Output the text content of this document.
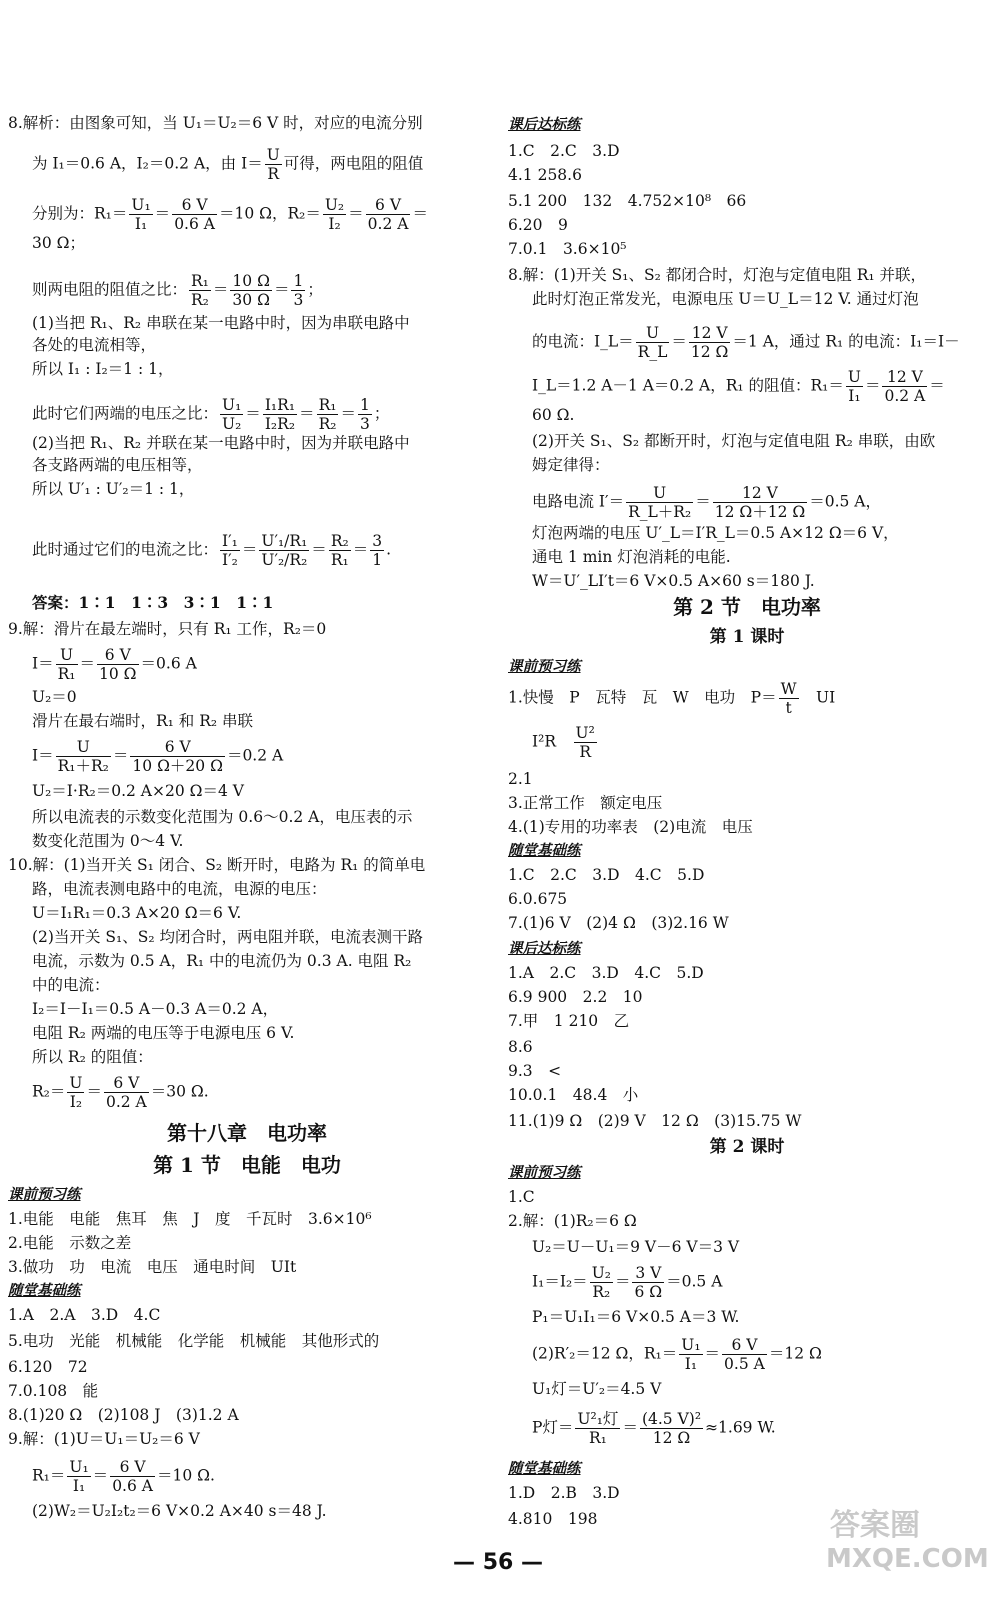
8.解析：由图象可知，当 U₁＝U₂＝6 V 时，对应的电流分别
为 I₁＝0.6 A，I₂＝0.2 A，由 $I= \frac{U}{R}$ 可得，两电阻的阻值
分别为：$R_1= \frac{\text{U₁}}{\text{I₁}} = \frac{6 V}{0.6 A} =10$ Ω，$R_2= \frac{\text{U₂}}{\text{I₂}} = \frac{6 V}{0.2 A}$ ＝
30 Ω；
则两电阻的阻值之比： $\frac{\text{R₁}}{\text{R₂}} = \frac{10 \Omega}{30 \Omega} = \frac{1}{3}$ ；
(1)当把 R₁、R₂ 串联在某一电路中时，因为串联电路中
各处的电流相等，
所以 I₁ : I₂＝1 : 1，
此时它们两端的电压之比： $\frac{\text{U₁}}{\text{U₂}} = \frac{\text{I₁R₁}}{\text{I₂R₂}} = \frac{\text{R₁}}{\text{R₂}} = \frac{1}{3}$ ；
(2)当把 R₁、R₂ 并联在某一电路中时，因为并联电路中
各支路两端的电压相等，
所以 U′₁ : U′₂＝1 : 1，
此时通过它们的电流之比： $\frac{\text{I′₁}}{\text{I′₂}} = \frac{\text{U′₁/R₁}}{\text{U′₂/R₂}} = \frac{\text{R₂}}{\text{R₁}} = \frac{3}{1}$ .
答案：1∶1　1∶3　3∶1　1∶1
9.解：滑片在最左端时，只有 R₁ 工作，R₂＝0
$I= \frac{U}{\text{R₁}} = \frac{6 V}{10 \Omega} =0.6$ A
U₂＝0
滑片在最右端时，R₁ 和 R₂ 串联
$I= \frac{U}{\text{R₁＋R₂}} = \frac{6 V}{10 \Omega+20 \Omega} =0.2$ A
U₂＝I·R₂＝0.2 A×20 Ω＝4 V
所以电流表的示数变化范围为 0.6～0.2 A，电压表的示
数变化范围为 0～4 V.
10.解：(1)当开关 S₁ 闭合、S₂ 断开时，电路为 R₁ 的简单电
路，电流表测电路中的电流，电源的电压：
U＝I₁R₁＝0.3 A×20 Ω＝6 V.
(2)当开关 S₁、S₂ 均闭合时，两电阻并联，电流表测干路
电流，示数为 0.5 A，R₁ 中的电流仍为 0.3 A. 电阻 R₂
中的电流：
I₂＝I－I₁＝0.5 A－0.3 A＝0.2 A，
电阻 R₂ 两端的电压等于电源电压 6 V.
所以 R₂ 的阻值：
$R_2= \frac{U}{\text{I₂}} = \frac{6 V}{0.2 A} =30$ Ω.
第十八章　电功率
第 1 节　电能　电功
课前预习练
1.电能　电能　焦耳　焦　J　度　千瓦时　3.6×10⁶
2.电能　示数之差
3.做功　功　电流　电压　通电时间　UIt
随堂基础练
1.A　2.A　3.D　4.C
5.电功　光能　机械能　化学能　机械能　其他形式的
6.120　72
7.0.108　能
8.(1)20 Ω　(2)108 J　(3)1.2 A
9.解：(1)U＝U₁＝U₂＝6 V
$R_1= \frac{\text{U₁}}{\text{I₁}} = \frac{6 V}{0.6 A} =10$ Ω.
(2)W₂＝U₂I₂t₂＝6 V×0.2 A×40 s＝48 J.
课后达标练
1.C　2.C　3.D
4.1 258.6
5.1 200　132　4.752×10⁸　66
6.20　9
7.0.1　3.6×10⁵
8.解：(1)开关 S₁、S₂ 都闭合时，灯泡与定值电阻 R₁ 并联，
此时灯泡正常发光，电源电压 U＝U_L＝12 V. 通过灯泡
的电流：I_L＝ $\frac{U}{R\_L} = \frac{12 V}{12 \Omega} =1$ A，通过 R₁ 的电流：I₁＝I－
I_L＝1.2 A－1 A＝0.2 A，R₁ 的阻值：$R_1= \frac{U}{\text{I₁}} = \frac{12 V}{0.2 A}$ ＝
60 Ω.
(2)开关 S₁、S₂ 都断开时，灯泡与定值电阻 R₂ 串联，由欧
姆定律得：
电路电流 $I'= \frac{U}{\text{R\_L＋R₂}} = \frac{12 V}{12 \Omega+12 \Omega} =0.5$ A，
灯泡两端的电压 U′_L＝I′R_L＝0.5 A×12 Ω＝6 V，
通电 1 min 灯泡消耗的电能.
W＝U′_LI′t＝6 V×0.5 A×60 s＝180 J.
第 2 节　电功率
第 1 课时
课前预习练
1.快慢　P　瓦特　瓦　W　电功　$P= \frac{W}{t}$ 　UI
I²R　 $\frac{\text{U²}}{R}$
2.1
3.正常工作　额定电压
4.(1)专用的功率表　(2)电流　电压
随堂基础练
1.C　2.C　3.D　4.C　5.D
6.0.675
7.(1)6 V　(2)4 Ω　(3)2.16 W
课后达标练
1.A　2.C　3.D　4.C　5.D
6.9 900　2.2　10
7.甲　1 210　乙
8.6
9.3　<
10.0.1　48.4　小
11.(1)9 Ω　(2)9 V　12 Ω　(3)15.75 W
第 2 课时
课前预习练
1.C
2.解：(1)R₂＝6 Ω
U₂＝U－U₁＝9 V－6 V＝3 V
$I_1=I_2= \frac{\text{U₂}}{\text{R₂}} = \frac{3 V}{6 \Omega} =0.5$ A
P₁＝U₁I₁＝6 V×0.5 A＝3 W.
(2)R′₂＝12 Ω，$R_1= \frac{\text{U₁}}{\text{I₁}} = \frac{6 V}{0.5 A} =12$ Ω
U₁灯＝U′₂＝4.5 V
P灯＝ $\frac{\text{U²₁灯}}{\text{R₁}} = \frac{\text{(4.5 V)²}}{12 \Omega} \approx 1.69$ W.
随堂基础练
1.D　2.B　3.D
4.810　198
— 56 —
答案圈
MXQE.COM
